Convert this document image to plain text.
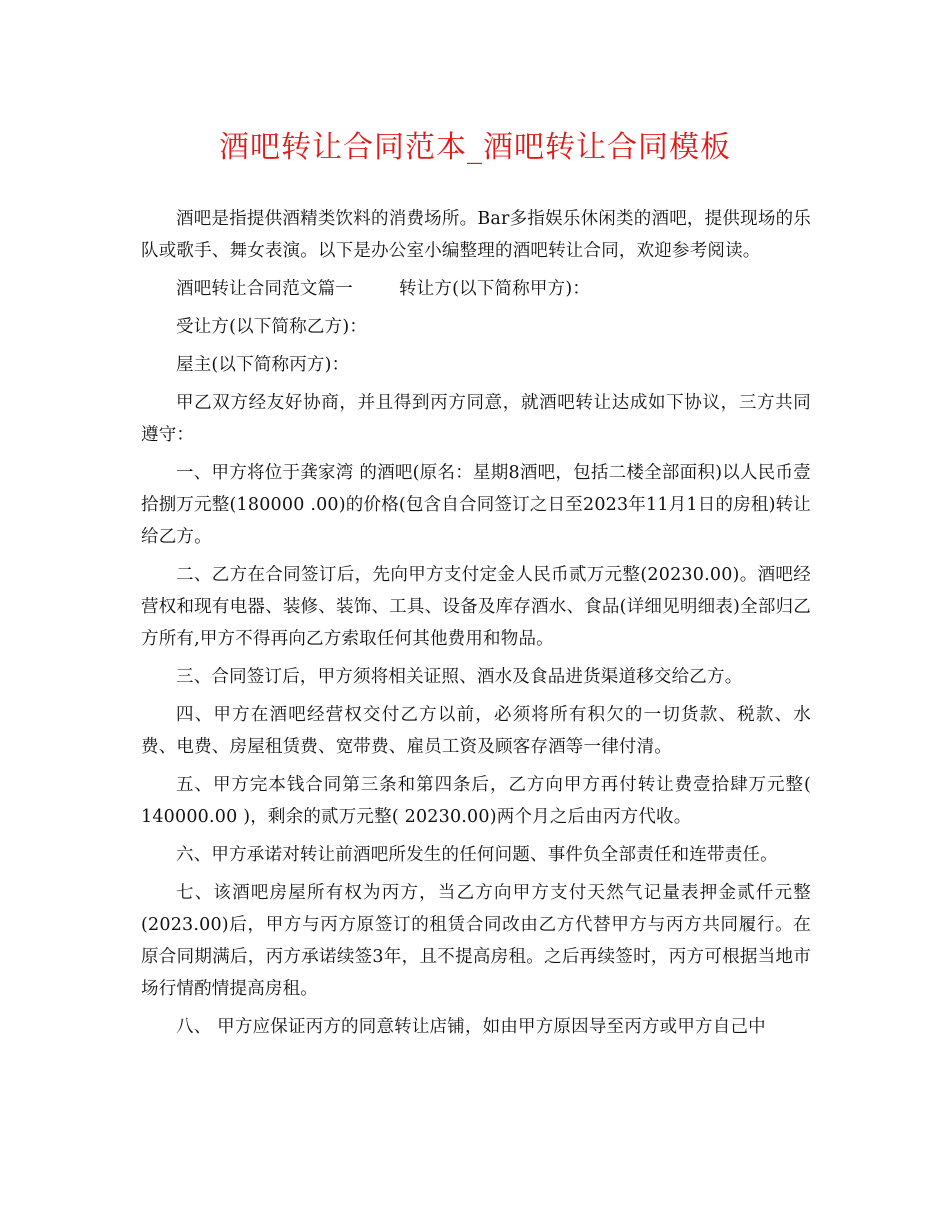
酒吧转让合同范本_酒吧转让合同模板

酒吧是指提供酒精类饮料的消费场所。Bar多指娱乐休闲类的酒吧，提供现场的乐队或歌手、舞女表演。以下是办公室小编整理的酒吧转让合同，欢迎参考阅读。

酒吧转让合同范文篇一	转让方(以下简称甲方)：

受让方(以下简称乙方)：

屋主(以下简称丙方)：

甲乙双方经友好协商，并且得到丙方同意，就酒吧转让达成如下协议，三方共同遵守：

一、甲方将位于龚家湾 的酒吧(原名：星期8酒吧，包括二楼全部面积)以人民币壹拾捌万元整(180000 .00)的价格(包含自合同签订之日至2023年11月1日的房租)转让给乙方。

二、乙方在合同签订后，先向甲方支付定金人民币贰万元整(20230.00)。酒吧经营权和现有电器、装修、装饰、工具、设备及库存酒水、食品(详细见明细表)全部归乙方所有,甲方不得再向乙方索取任何其他费用和物品。

三、合同签订后，甲方须将相关证照、酒水及食品进货渠道移交给乙方。

四、甲方在酒吧经营权交付乙方以前，必须将所有积欠的一切货款、税款、水费、电费、房屋租赁费、宽带费、雇员工资及顾客存酒等一律付清。

五、甲方完本钱合同第三条和第四条后，乙方向甲方再付转让费壹拾肆万元整( 140000.00 )，剩余的贰万元整( 20230.00)两个月之后由丙方代收。

六、甲方承诺对转让前酒吧所发生的任何问题、事件负全部责任和连带责任。

七、该酒吧房屋所有权为丙方，当乙方向甲方支付天然气记量表押金贰仟元整(2023.00)后，甲方与丙方原签订的租赁合同改由乙方代替甲方与丙方共同履行。在原合同期满后，丙方承诺续签3年，且不提高房租。之后再续签时，丙方可根据当地市场行情酌情提高房租。

八、 甲方应保证丙方的同意转让店铺，如由甲方原因导至丙方或甲方自己中
